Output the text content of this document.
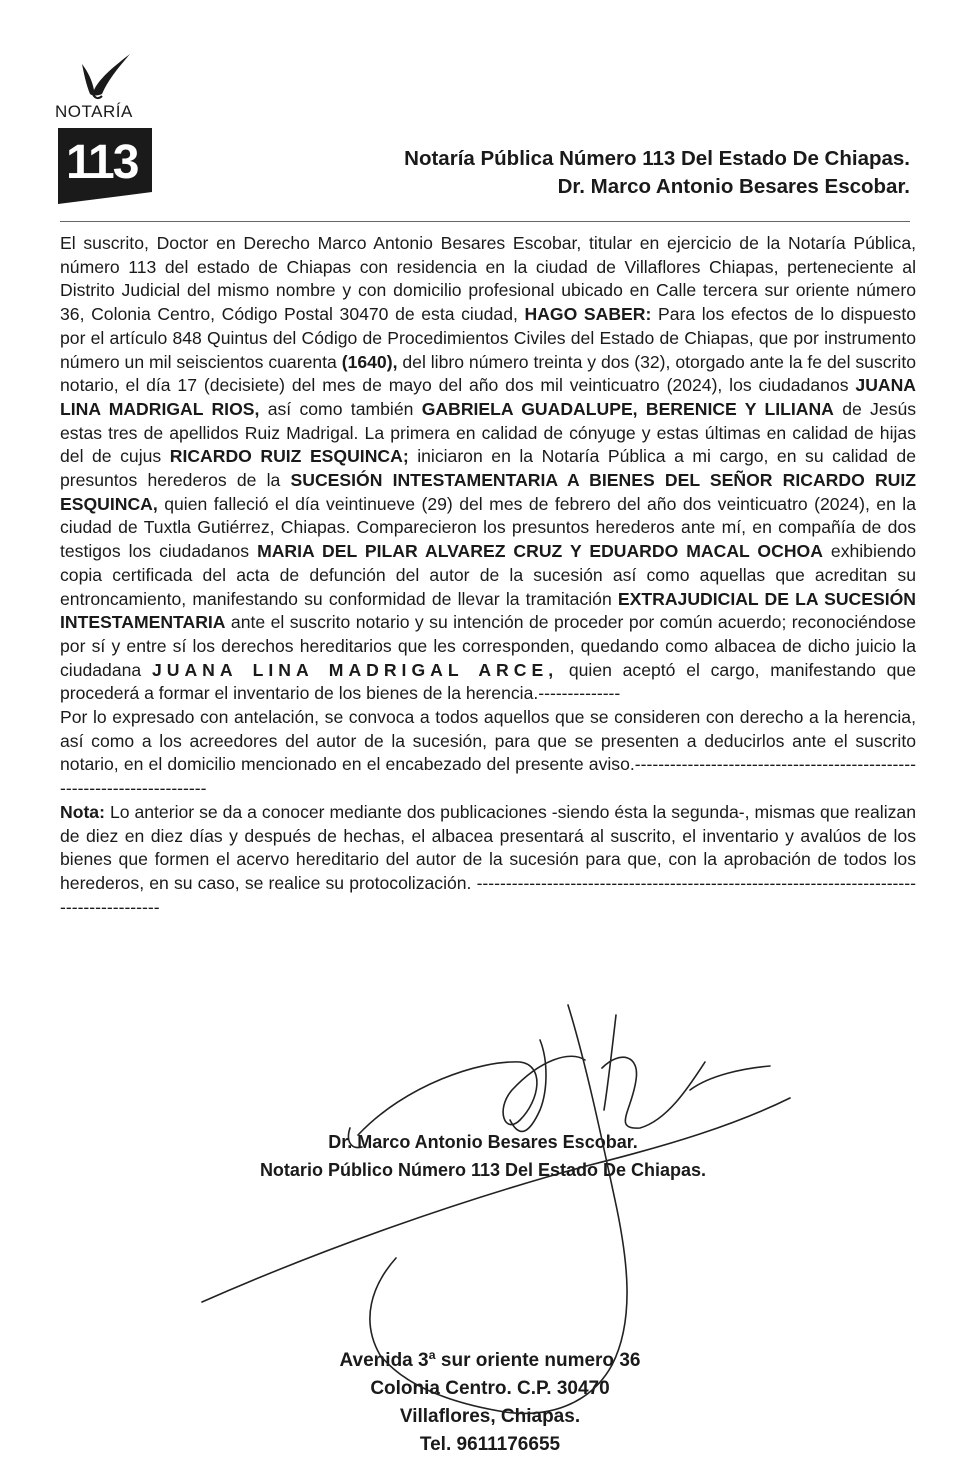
NOTARÍA
113	Notaría Pública Número 113 Del Estado De Chiapas.
Dr. Marco Antonio Besares Escobar.

El suscrito, Doctor en Derecho Marco Antonio Besares Escobar, titular en ejercicio de la Notaría Pública, número 113 del estado de Chiapas con residencia en la ciudad de Villaflores Chiapas, perteneciente al Distrito Judicial del mismo nombre y con domicilio profesional ubicado en Calle tercera sur oriente número 36, Colonia Centro, Código Postal 30470 de esta ciudad, HAGO SABER: Para los efectos de lo dispuesto por el artículo 848 Quintus del Código de Procedimientos Civiles del Estado de Chiapas, que por instrumento número un mil seiscientos cuarenta (1640), del libro número treinta y dos (32), otorgado ante la fe del suscrito notario, el día 17 (decisiete) del mes de mayo del año dos mil veinticuatro (2024), los ciudadanos JUANA LINA MADRIGAL RIOS, así como también GABRIELA GUADALUPE, BERENICE Y LILIANA de Jesús estas tres de apellidos Ruiz Madrigal. La primera en calidad de cónyuge y estas últimas en calidad de hijas del de cujus RICARDO RUIZ ESQUINCA; iniciaron en la Notaría Pública a mi cargo, en su calidad de presuntos herederos de la SUCESIÓN INTESTAMENTARIA A BIENES DEL SEÑOR RICARDO RUIZ ESQUINCA, quien falleció el día veintinueve (29) del mes de febrero del año dos veinticuatro (2024), en la ciudad de Tuxtla Gutiérrez, Chiapas. Comparecieron los presuntos herederos ante mí, en compañía de dos testigos los ciudadanos MARIA DEL PILAR ALVAREZ CRUZ Y EDUARDO MACAL OCHOA exhibiendo copia certificada del acta de defunción del autor de la sucesión así como aquellas que acreditan su entroncamiento, manifestando su conformidad de llevar la tramitación EXTRAJUDICIAL DE LA SUCESIÓN INTESTAMENTARIA ante el suscrito notario y su intención de proceder por común acuerdo; reconociéndose por sí y entre sí los derechos hereditarios que les corresponden, quedando como albacea de dicho juicio la ciudadana JUANA LINA MADRIGAL ARCE, quien aceptó el cargo, manifestando que procederá a formar el inventario de los bienes de la herencia.--------------

Por lo expresado con antelación, se convoca a todos aquellos que se consideren con derecho a la herencia, así como a los acreedores del autor de la sucesión, para que se presenten a deducirlos ante el suscrito notario, en el domicilio mencionado en el encabezado del presente aviso.-------------------------------------------------------------------------

Nota: Lo anterior se da a conocer mediante dos publicaciones -siendo ésta la segunda-, mismas que realizan de diez en diez días y después de hechas, el albacea presentará al suscrito, el inventario y avalúos de los bienes que formen el acervo hereditario del autor de la sucesión para que, con la aprobación de todos los herederos, en su caso, se realice su protocolización. --------------------------------------------------------------------------------------------

Dr. Marco Antonio Besares Escobar.
Notario Público Número 113 Del Estado De Chiapas.
Avenida 3ª sur oriente numero 36
Colonia Centro. C.P. 30470
Villaflores, Chiapas.
Tel. 9611176655
